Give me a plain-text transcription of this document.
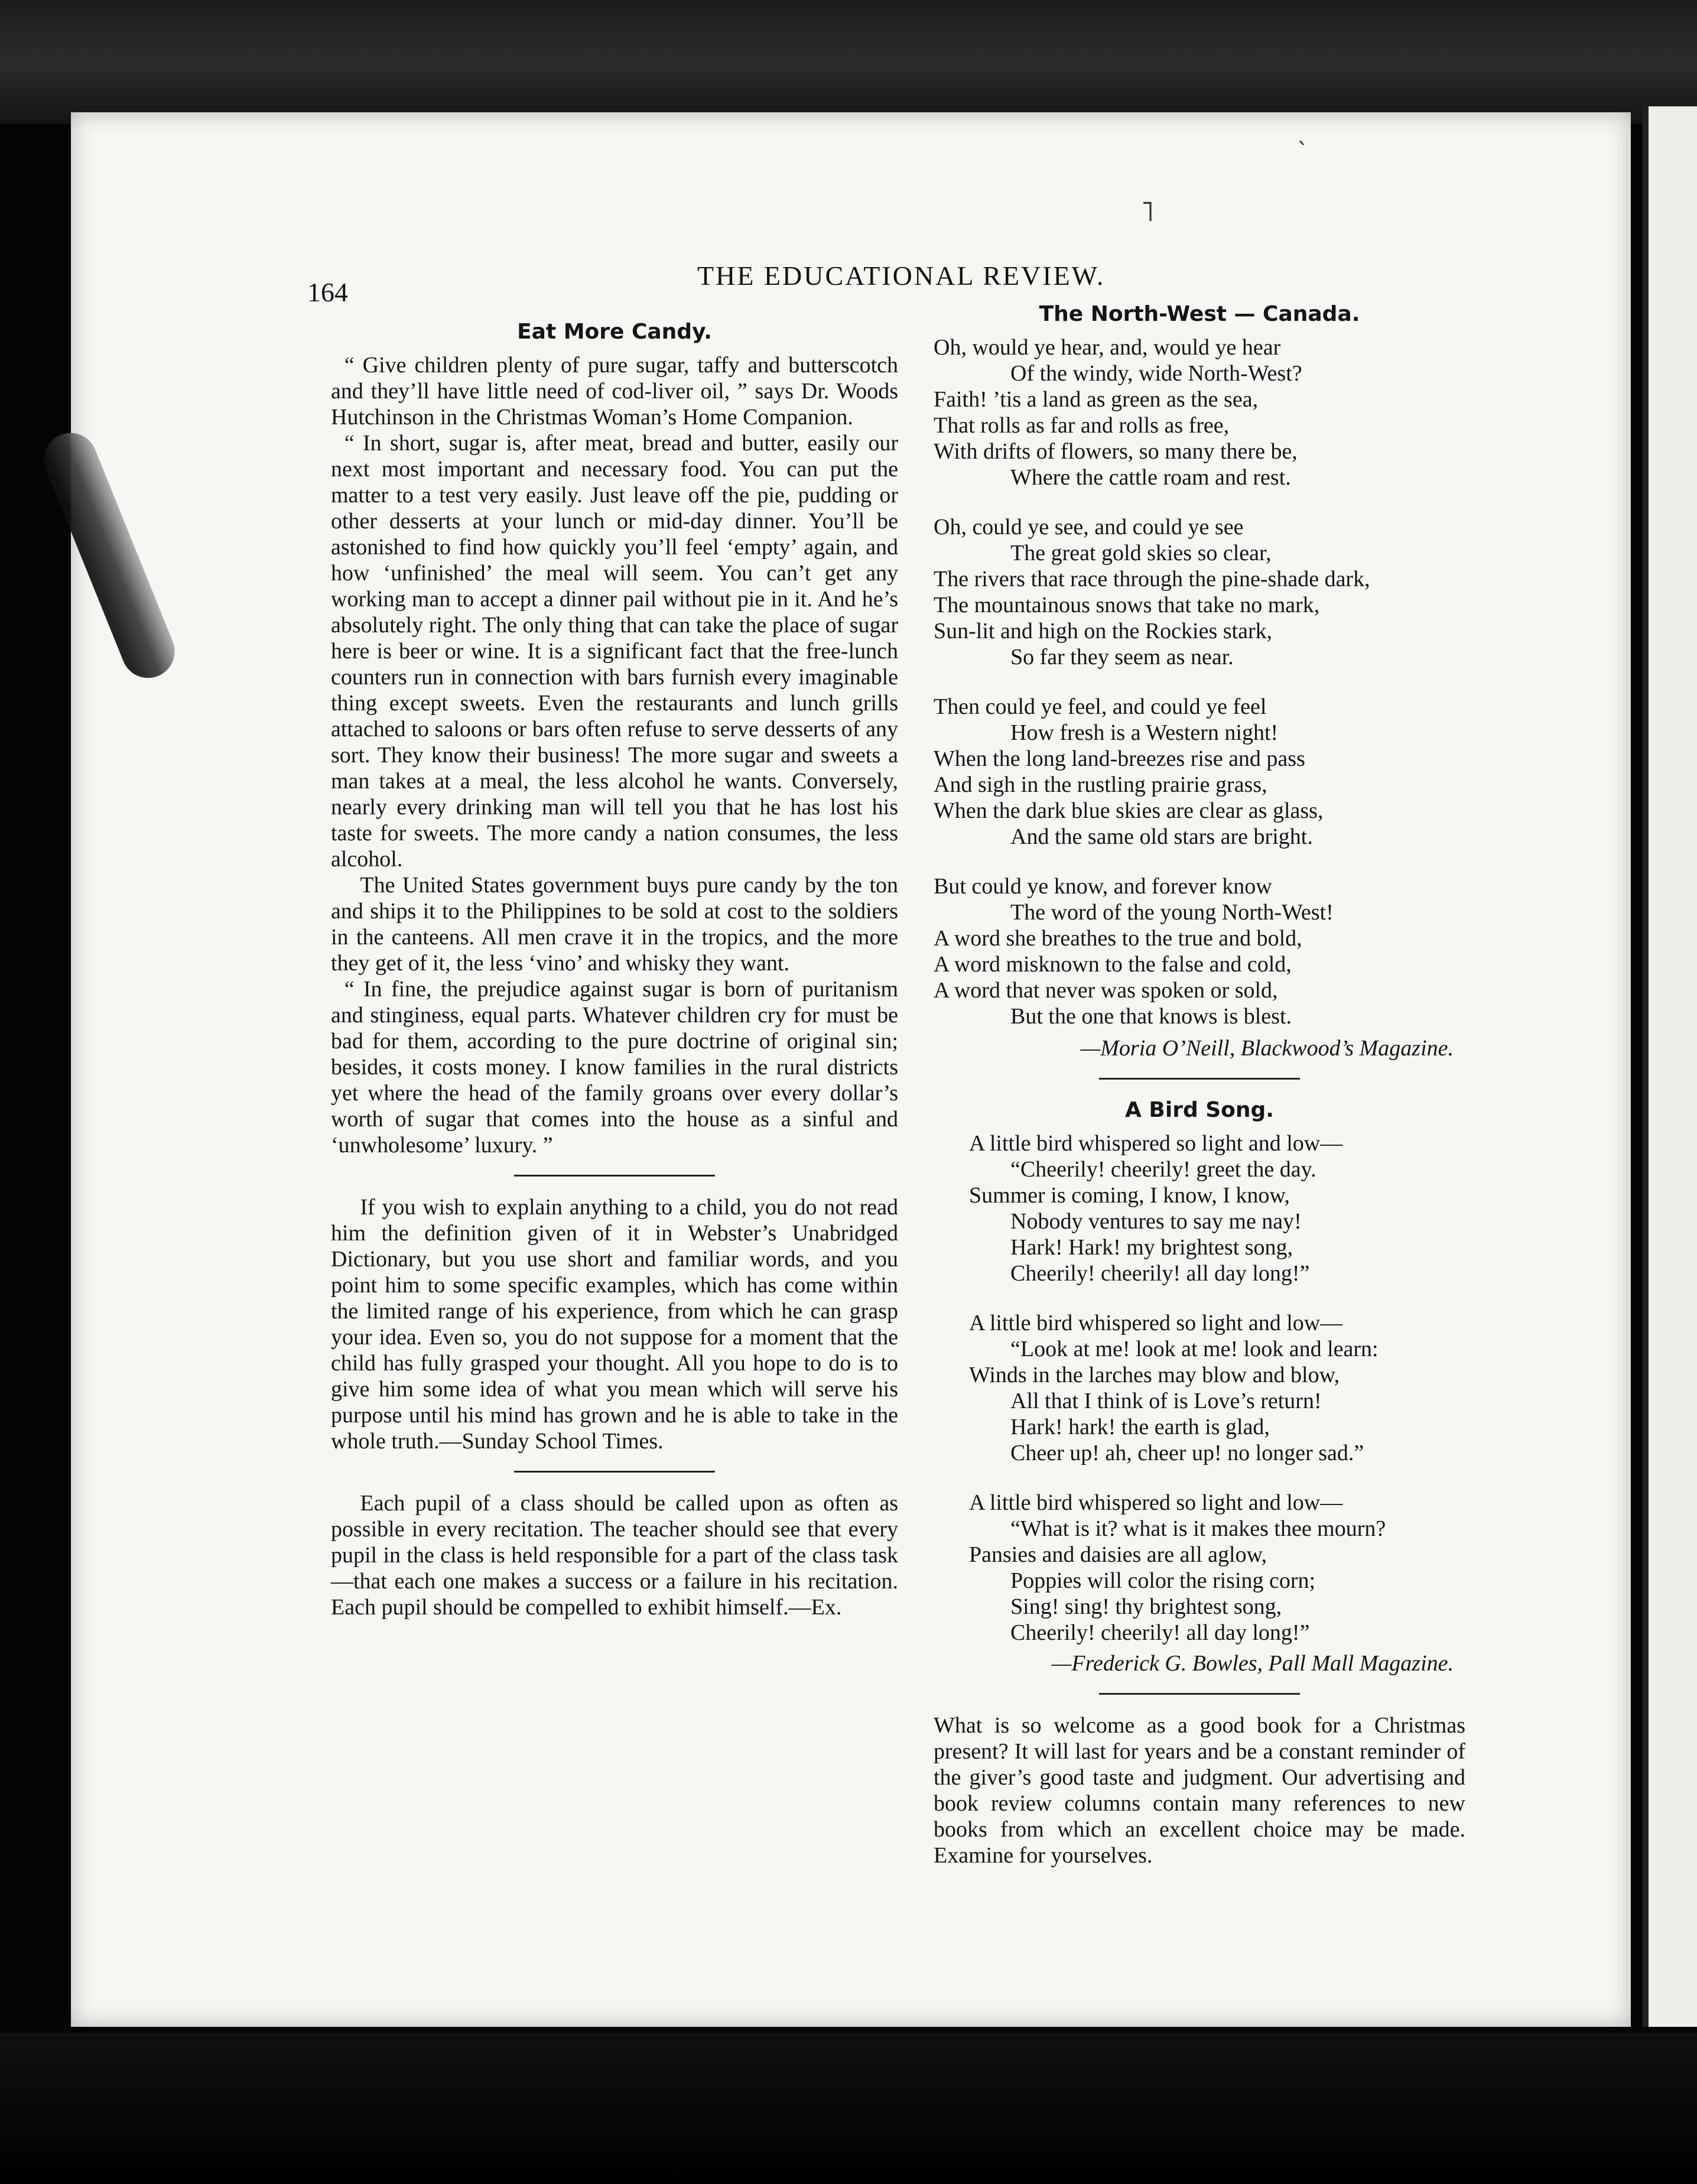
˥
ˎ
164
THE EDUCATIONAL REVIEW.
Eat More Candy.

“ Give children plenty of pure sugar, taffy and butterscotch and they’ll have little need of cod-liver oil, ” says Dr. Woods Hutchinson in the Christmas Woman’s Home Companion.

“ In short, sugar is, after meat, bread and butter, easily our next most important and necessary food. You can put the matter to a test very easily. Just leave off the pie, pudding or other desserts at your lunch or mid-day dinner. You’ll be astonished to find how quickly you’ll feel ‘empty’ again, and how ‘unfinished’ the meal will seem. You can’t get any working man to accept a dinner pail without pie in it. And he’s absolutely right. The only thing that can take the place of sugar here is beer or wine. It is a significant fact that the free-lunch counters run in connection with bars furnish every imaginable thing except sweets. Even the restaurants and lunch grills attached to saloons or bars often refuse to serve desserts of any sort. They know their business! The more sugar and sweets a man takes at a meal, the less alcohol he wants. Conversely, nearly every drinking man will tell you that he has lost his taste for sweets. The more candy a nation consumes, the less alcohol.

The United States government buys pure candy by the ton and ships it to the Philippines to be sold at cost to the soldiers in the canteens. All men crave it in the tropics, and the more they get of it, the less ‘vino’ and whisky they want.

“ In fine, the prejudice against sugar is born of puritanism and stinginess, equal parts. Whatever children cry for must be bad for them, according to the pure doctrine of original sin; besides, it costs money. I know families in the rural districts yet where the head of the family groans over every dollar’s worth of sugar that comes into the house as a sinful and ‘unwholesome’ luxury. ”

If you wish to explain anything to a child, you do not read him the definition given of it in Webster’s Unabridged Dictionary, but you use short and familiar words, and you point him to some specific examples, which has come within the limited range of his experience, from which he can grasp your idea. Even so, you do not suppose for a moment that the child has fully grasped your thought. All you hope to do is to give him some idea of what you mean which will serve his purpose until his mind has grown and he is able to take in the whole truth.—Sunday School Times.

Each pupil of a class should be called upon as often as possible in every recitation. The teacher should see that every pupil in the class is held responsible for a part of the class task—that each one makes a success or a failure in his recitation. Each pupil should be compelled to exhibit himself.—Ex.

The North-West — Canada.
Oh, would ye hear, and, would ye hear
Of the windy, wide North-West?
Faith! ’tis a land as green as the sea,
That rolls as far and rolls as free,
With drifts of flowers, so many there be,
Where the cattle roam and rest.
Oh, could ye see, and could ye see
The great gold skies so clear,
The rivers that race through the pine-shade dark,
The mountainous snows that take no mark,
Sun-lit and high on the Rockies stark,
So far they seem as near.
Then could ye feel, and could ye feel
How fresh is a Western night!
When the long land-breezes rise and pass
And sigh in the rustling prairie grass,
When the dark blue skies are clear as glass,
And the same old stars are bright.
But could ye know, and forever know
The word of the young North-West!
A word she breathes to the true and bold,
A word misknown to the false and cold,
A word that never was spoken or sold,
But the one that knows is blest.
—Moria O’Neill, Blackwood’s Magazine.
A Bird Song.
A little bird whispered so light and low—
“Cheerily! cheerily! greet the day.
Summer is coming, I know, I know,
Nobody ventures to say me nay!
Hark! Hark! my brightest song,
Cheerily! cheerily! all day long!”
A little bird whispered so light and low—
“Look at me! look at me! look and learn:
Winds in the larches may blow and blow,
All that I think of is Love’s return!
Hark! hark! the earth is glad,
Cheer up! ah, cheer up! no longer sad.”
A little bird whispered so light and low—
“What is it? what is it makes thee mourn?
Pansies and daisies are all aglow,
Poppies will color the rising corn;
Sing! sing! thy brightest song,
Cheerily! cheerily! all day long!”
—Frederick G. Bowles, Pall Mall Magazine.

What is so welcome as a good book for a Christmas present? It will last for years and be a constant reminder of the giver’s good taste and judgment. Our advertising and book review columns contain many references to new books from which an excellent choice may be made. Examine for yourselves.
